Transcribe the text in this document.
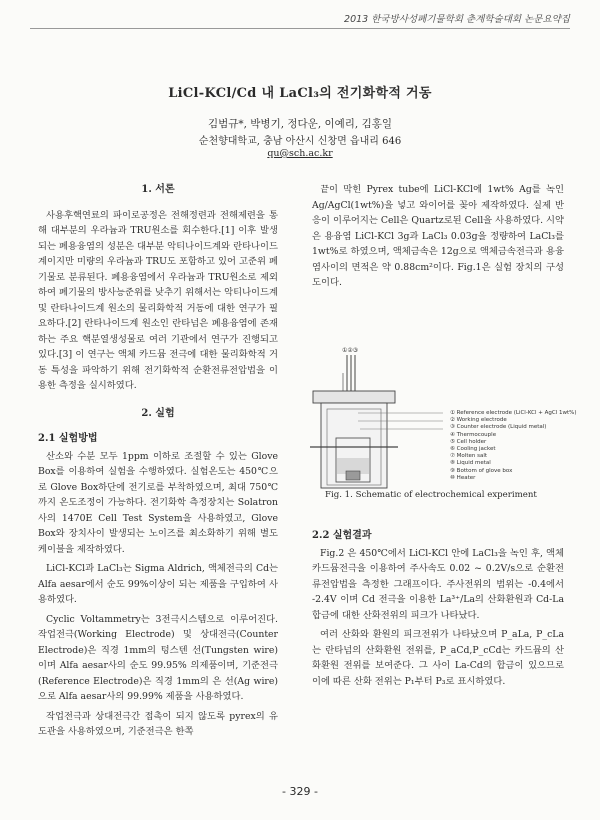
2013 한국방사성폐기물학회 춘계학술대회 논문요약집
LiCl-KCl/Cd 내 LaCl₃의 전기화학적 거동
김범규*, 박병기, 정다운, 이예리, 김홍일
순천향대학교, 충남 아산시 신창면 읍내리 646
qu@sch.ac.kr
1. 서론

사용후핵연료의 파이로공정은 전해정련과 전해제련을 통해 대부분의 우라늄과 TRU원소를 회수한다.[1] 이후 발생되는 폐용융염의 성분은 대부분 악티나이드계와 란타나이드계이지만 미량의 우라늄과 TRU도 포함하고 있어 고준위 폐기물로 분류된다. 폐용융염에서 우라늄과 TRU원소로 제외하여 폐기물의 방사능준위를 낮추기 위해서는 악티나이드계 및 란타나이드계 원소의 물리화학적 거동에 대한 연구가 필요하다.[2] 란타나이드계 원소인 란타넘은 폐용융염에 존재하는 주요 핵분열생성물로 여러 기관에서 연구가 진행되고 있다.[3] 이 연구는 액체 카드뮴 전극에 대한 물리화학적 거동 특성을 파악하기 위해 전기화학적 순환전류전압법을 이용한 측정을 실시하였다.

2. 실험
2.1 실험방법

산소와 수분 모두 1ppm 이하로 조절할 수 있는 Glove Box를 이용하여 실험을 수행하였다. 실험온도는 450℃으로 Glove Box하단에 전기로를 부착하였으며, 최대 750℃까지 온도조정이 가능하다. 전기화학 측정장치는 Solatron사의 1470E Cell Test System을 사용하였고, Glove Box와 장치사이 발생되는 노이즈를 최소화하기 위해 별도 케이블을 제작하였다.

LiCl-KCl과 LaCl₃는 Sigma Aldrich, 액체전극의 Cd는 Alfa aesar에서 순도 99%이상이 되는 제품을 구입하여 사용하였다.

Cyclic Voltammetry는 3전극시스템으로 이루어진다. 작업전극(Working Electrode) 및 상대전극(Counter Electrode)은 직경 1mm의 텅스텐 선(Tungsten wire)이며 Alfa aesar사의 순도 99.95% 의제품이며, 기준전극(Reference Electrode)은 직경 1mm의 은 선(Ag wire)으로 Alfa aesar사의 99.99% 제품을 사용하였다.

작업전극과 상대전극간 접촉이 되지 않도록 pyrex의 유도관을 사용하였으며, 기준전극은 한쪽

끝이 막힌 Pyrex tube에 LiCl-KCl에 1wt% Ag를 녹인Ag/AgCl(1wt%)을 넣고 와이어를 꽂아 제작하였다. 실제 반응이 이루어지는 Cell은 Quartz로된 Cell을 사용하였다. 시약은 용융염 LiCl-KCl 3g과 LaCl₃ 0.03g을 정량하여 LaCl₃를 1wt%로 하였으며, 액체금속은 12g으로 액체금속전극과 용융염사이의 면적은 약 0.88cm²이다. Fig.1은 실험 장치의 구성도이다.

①②③
① Reference electrode (LiCl-KCl + AgCl 1wt%)
② Working electrode
③ Counter electrode (Liquid metal)
④ Thermocouple
⑤ Cell holder
⑥ Cooling jacket
⑦ Molten salt
⑧ Liquid metal
⑨ Bottom of glove box
⑩ Heater
Fig. 1. Schematic of electrochemical experiment
2.2 실험결과

Fig.2 은 450℃에서 LiCl-KCl 안에 LaCl₃을 녹인 후, 액체카드뮴전극을 이용하여 주사속도 0.02 ~ 0.2V/s으로 순환전류전압법을 측정한 그래프이다. 주사전위의 범위는 -0.4에서 -2.4V 이며 Cd 전극을 이용한 La³⁺/La의 산화환원과 Cd-La 합금에 대한 산화전위의 피크가 나타났다.

여러 산화와 환원의 피크전위가 나타났으며 P_aLa, P_cLa는 란타넘의 산화환원 전위를, P_aCd,P_cCd는 카드뮴의 산화환원 전위를 보여준다. 그 사이 La-Cd의 합금이 있으므로 이에 따른 산화 전위는 P₁부터 P₃로 표시하였다.

- 329 -
